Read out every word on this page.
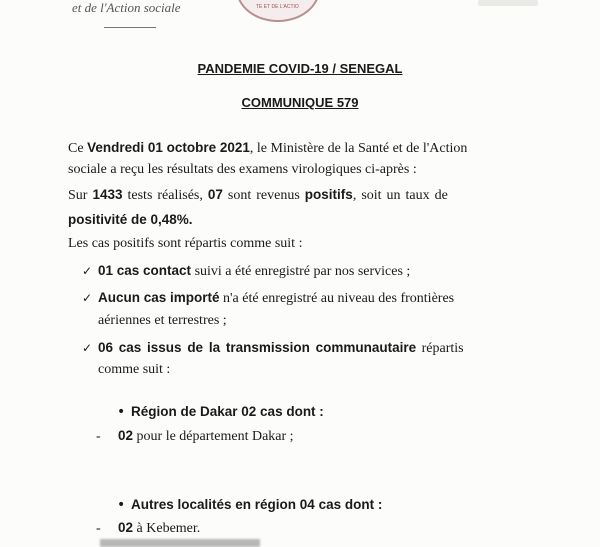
et de l'Action sociale	TE ET DE L'ACTIO
PANDEMIE COVID-19 / SENEGAL
COMMUNIQUE 579
Ce Vendredi 01 octobre 2021, le Ministère de la Santé et de l'Action
sociale a reçu les résultats des examens virologiques ci-après :
Sur 1433 tests réalisés, 07 sont revenus positifs, soit un taux de
positivité de 0,48%.
Les cas positifs sont répartis comme suit :
✓ 01 cas contact suivi a été enregistré par nos services ;
✓ Aucun cas importé n'a été enregistré au niveau des frontières
aériennes et terrestres ;
✓ 06 cas issus de la transmission communautaire répartis
comme suit :
• Région de Dakar 02 cas dont :
- 02 pour le département Dakar ;
• Autres localités en région 04 cas dont :
- 02 à Kebemer.
